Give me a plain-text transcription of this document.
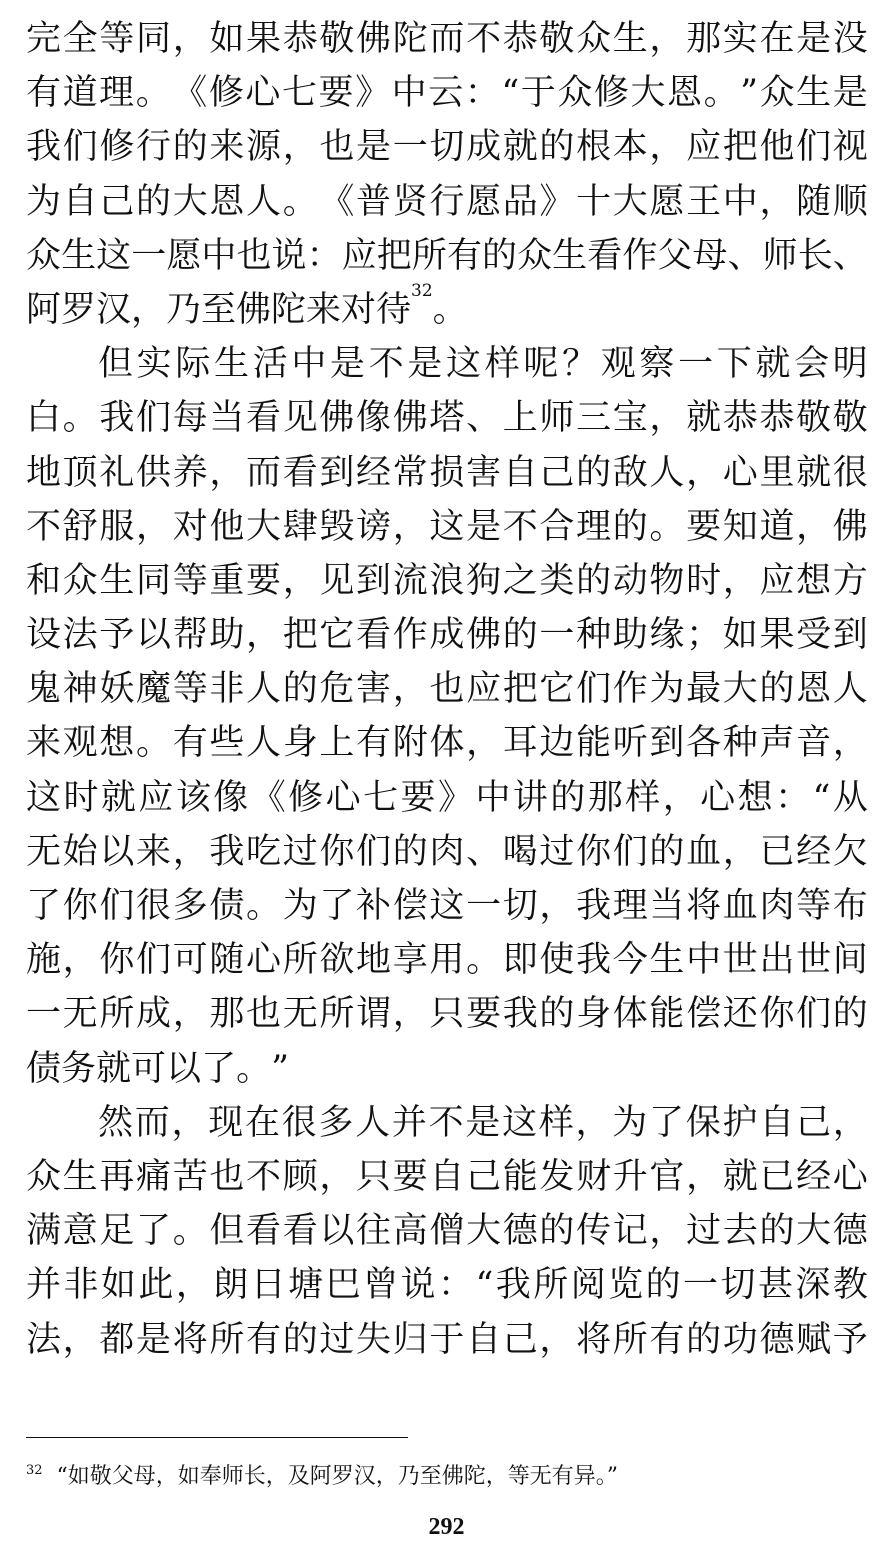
完 全 等 同 ， 如 果 恭 敬 佛 陀 而 不 恭 敬 众 生 ， 那 实 在 是 没
有 道 理 。 《 修 心 七 要 》 中 云 ： “ 于 众 修 大 恩 。 ” 众 生 是
我 们 修 行 的 来 源 ， 也 是 一 切 成 就 的 根 本 ， 应 把 他 们 视
为 自 己 的 大 恩 人 。 《 普 贤 行 愿 品 》 十 大 愿 王 中 ， 随 顺
众 生 这 一 愿 中 也 说 ： 应 把 所 有 的 众 生 看 作 父 母 、 师 长 、
阿罗汉，乃至佛陀来对待 32 。
但 实 际 生 活 中 是 不 是 这 样 呢 ？ 观 察 一 下 就 会 明
白 。 我 们 每 当 看 见 佛 像 佛 塔 、 上 师 三 宝 ， 就 恭 恭 敬 敬
地 顶 礼 供 养 ， 而 看 到 经 常 损 害 自 己 的 敌 人 ， 心 里 就 很
不 舒 服 ， 对 他 大 肆 毁 谤 ， 这 是 不 合 理 的 。 要 知 道 ， 佛
和 众 生 同 等 重 要 ， 见 到 流 浪 狗 之 类 的 动 物 时 ， 应 想 方
设 法 予 以 帮 助 ， 把 它 看 作 成 佛 的 一 种 助 缘 ； 如 果 受 到
鬼 神 妖 魔 等 非 人 的 危 害 ， 也 应 把 它 们 作 为 最 大 的 恩 人
来 观 想 。 有 些 人 身 上 有 附 体 ， 耳 边 能 听 到 各 种 声 音 ，
这 时 就 应 该 像 《 修 心 七 要 》 中 讲 的 那 样 ， 心 想 ： “ 从
无 始 以 来 ， 我 吃 过 你 们 的 肉 、 喝 过 你 们 的 血 ， 已 经 欠
了 你 们 很 多 债 。 为 了 补 偿 这 一 切 ， 我 理 当 将 血 肉 等 布
施 ， 你 们 可 随 心 所 欲 地 享 用 。 即 使 我 今 生 中 世 出 世 间
一 无 所 成 ， 那 也 无 所 谓 ， 只 要 我 的 身 体 能 偿 还 你 们 的
债 务 就 可 以 了 。 ”
然 而 ， 现 在 很 多 人 并 不 是 这 样 ， 为 了 保 护 自 己 ，
众 生 再 痛 苦 也 不 顾 ， 只 要 自 己 能 发 财 升 官 ， 就 已 经 心
满 意 足 了 。 但 看 看 以 往 高 僧 大 德 的 传 记 ， 过 去 的 大 德
并 非 如 此 ， 朗 日 塘 巴 曾 说 ： “ 我 所 阅 览 的 一 切 甚 深 教
法 ， 都 是 将 所 有 的 过 失 归 于 自 己 ， 将 所 有 的 功 德 赋 予
$^{32}$ “如敬父母，如奉师长，及阿罗汉，乃至佛陀，等无有异。”
292
